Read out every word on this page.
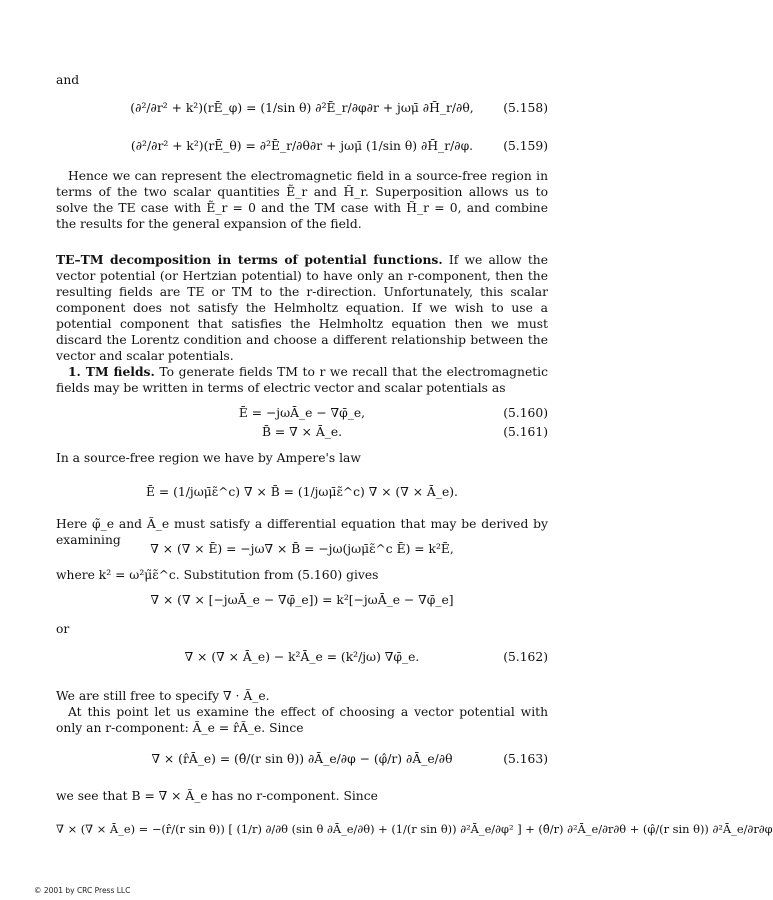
and

(∂²/∂r² + k²)(rĒ_φ) = (1/sin θ) ∂²Ē_r/∂φ∂r + jωμ̄ ∂H̄_r/∂θ,	(5.158)
(∂²/∂r² + k²)(rĒ_θ) = ∂²Ē_r/∂θ∂r + jωμ̄ (1/sin θ) ∂H̄_r/∂φ.	(5.159)

Hence we can represent the electromagnetic field in a source-free region in terms of the two scalar quantities Ẽ_r and H̃_r. Superposition allows us to solve the TE case with Ẽ_r = 0 and the TM case with H̃_r = 0, and combine the results for the general expansion of the field.

TE–TM decomposition in terms of potential functions. If we allow the vector potential (or Hertzian potential) to have only an r-component, then the resulting fields are TE or TM to the r-direction. Unfortunately, this scalar component does not satisfy the Helmholtz equation. If we wish to use a potential component that satisfies the Helmholtz equation then we must discard the Lorentz condition and choose a different relationship between the vector and scalar potentials.

1. TM fields. To generate fields TM to r we recall that the electromagnetic fields may be written in terms of electric vector and scalar potentials as

Ē = −jωĀ_e − ∇φ̄_e,	(5.160)
B̄ = ∇ × Ā_e.	(5.161)

In a source-free region we have by Ampere's law

Ē = (1/jωμ̄ε̃^c) ∇ × B̄ = (1/jωμ̄ε̃^c) ∇ × (∇ × Ā_e).

Here φ̃_e and Ã_e must satisfy a differential equation that may be derived by examining

∇ × (∇ × Ē) = −jω∇ × B̄ = −jω(jωμ̄ε̃^c Ē) = k²Ē,

where k² = ω²μ̃ε̃^c. Substitution from (5.160) gives

∇ × (∇ × [−jωĀ_e − ∇φ̄_e]) = k²[−jωĀ_e − ∇φ̄_e]

or

∇ × (∇ × Ā_e) − k²Ā_e = (k²/jω) ∇φ̄_e.	(5.162)

We are still free to specify ∇ · Ã_e.

At this point let us examine the effect of choosing a vector potential with only an r-component: Ã_e = r̂Ã_e. Since

∇ × (r̂Ā_e) = (θ̂/(r sin θ)) ∂Ā_e/∂φ − (φ̂/r) ∂Ā_e/∂θ	(5.163)

we see that B = ∇ × Ã_e has no r-component. Since

∇ × (∇ × Ā_e) = −(r̂/(r sin θ)) [ (1/r) ∂/∂θ (sin θ ∂Ā_e/∂θ) + (1/(r sin θ)) ∂²Ā_e/∂φ² ] + (θ̂/r) ∂²Ā_e/∂r∂θ + (φ̂/(r sin θ)) ∂²Ā_e/∂r∂φ
© 2001 by CRC Press LLC
